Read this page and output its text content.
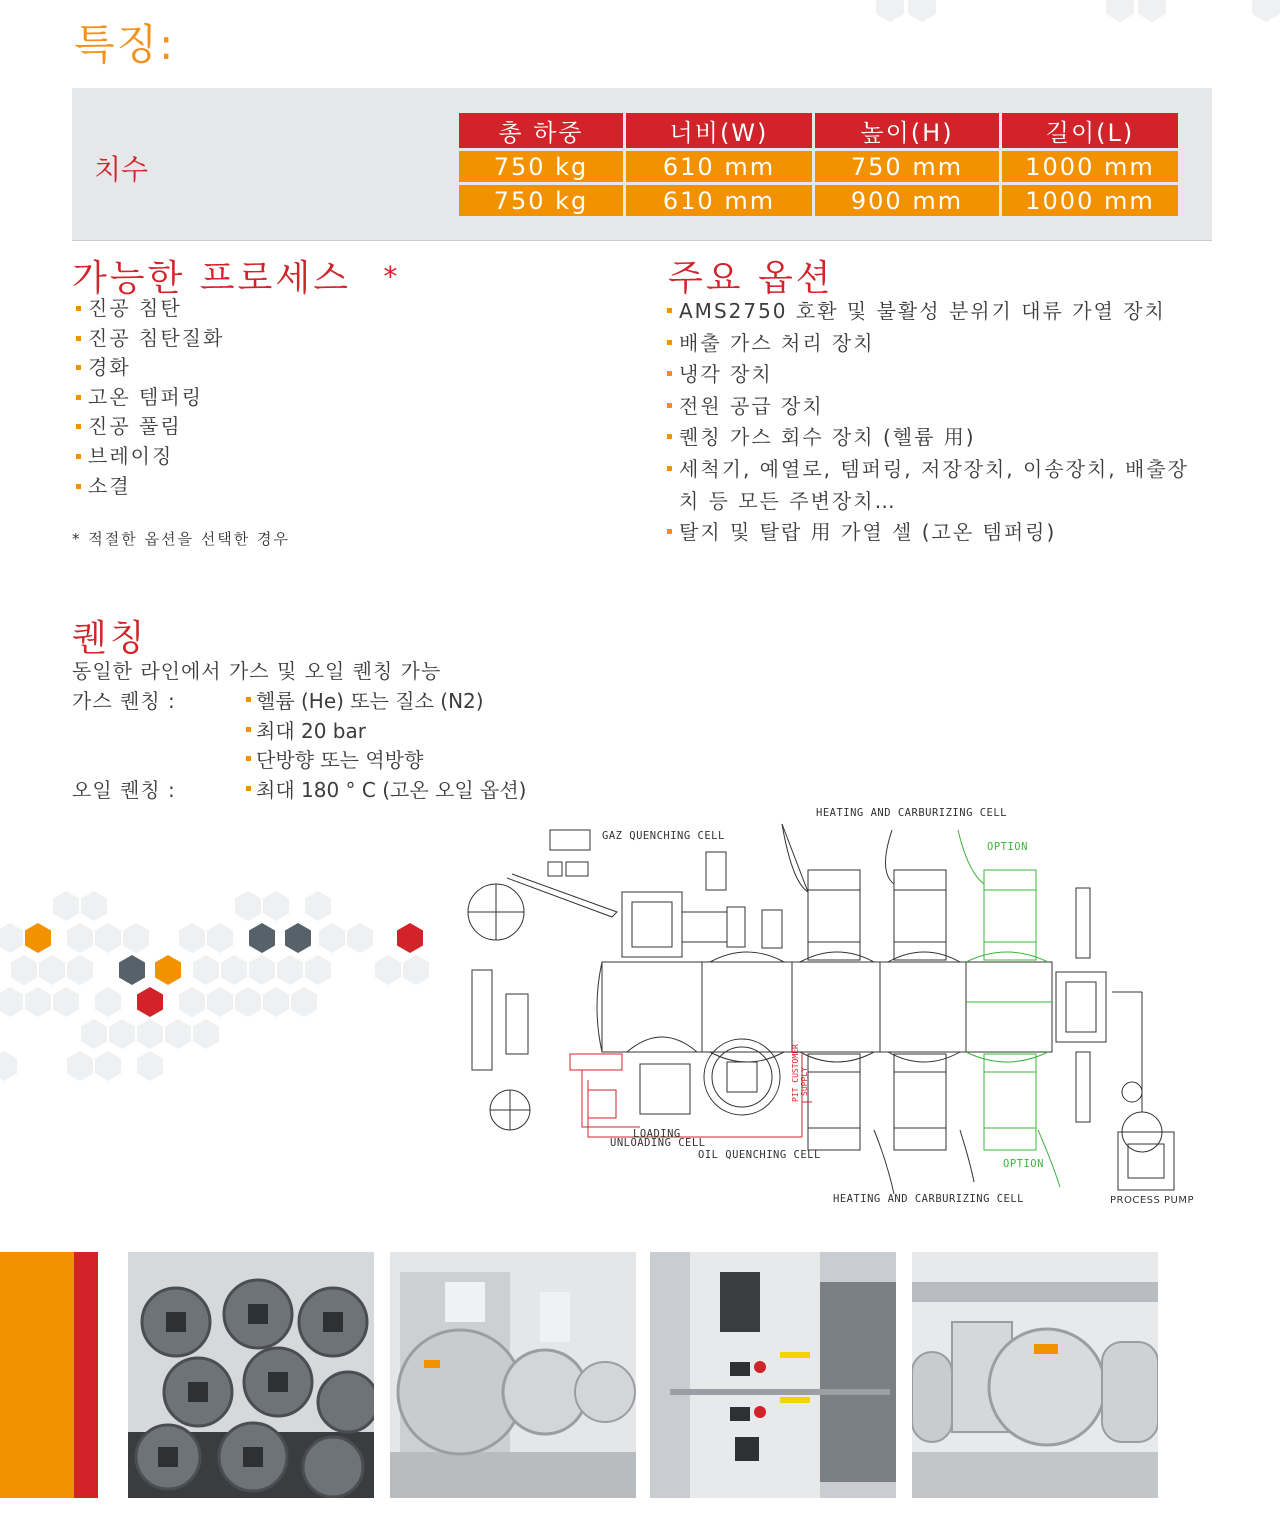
특징:
치수
총 하중	너비(W)	높이(H)	길이(L)
750 kg	610 mm	750 mm	1000 mm
750 kg	610 mm	900 mm	1000 mm
가능한 프로세스 *
진공 침탄
진공 침탄질화
경화
고온 템퍼링
진공 풀림
브레이징
소결
* 적절한 옵션을 선택한 경우
주요 옵션
AMS2750 호환 및 불활성 분위기 대류 가열 장치
배출 가스 처리 장치
냉각 장치
전원 공급 장치
퀜칭 가스 회수 장치 (헬륨 用)
세척기, 예열로, 템퍼링, 저장장치, 이송장치, 배출장치 등 모든 주변장치…
탈지 및 탈랍 用 가열 셀 (고온 템퍼링)
퀜칭
동일한 라인에서 가스 및 오일 퀜칭 가능
가스 퀜칭 :	헬륨 (He) 또는 질소 (N2)
최대 20 bar
단방향 또는 역방향
오일 퀜칭 :	최대 180 ° C (고온 오일 옵션)
PIT CUSTOMER SUPPLY
HEATING AND CARBURIZING CELL
GAZ QUENCHING CELL
OPTION
LOADING
UNLOADING CELL
OIL QUENCHING CELL
OPTION
HEATING AND CARBURIZING CELL	PROCESS PUMP
